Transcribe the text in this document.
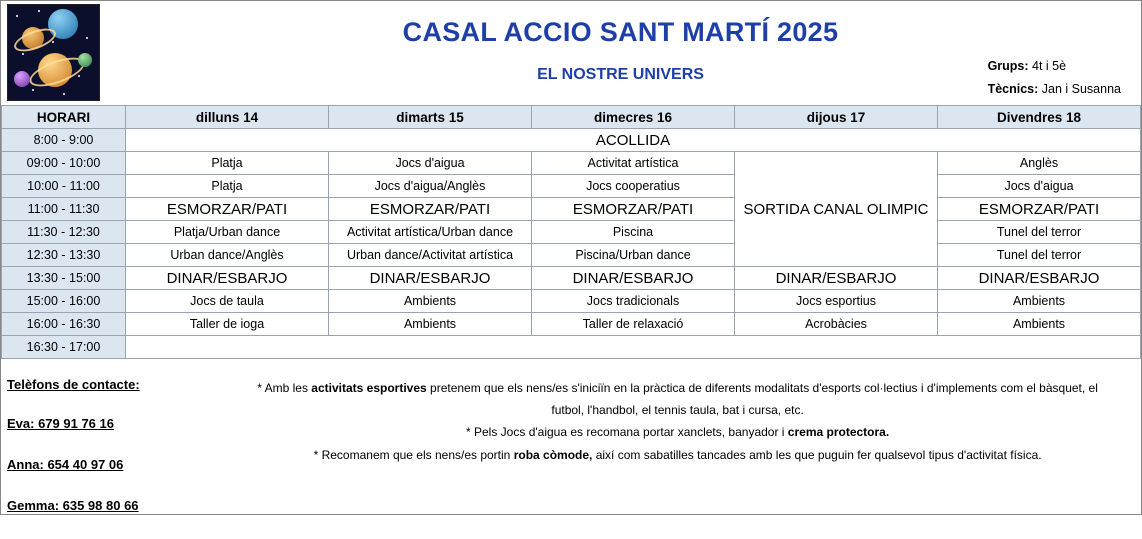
CASAL ACCIO SANT MARTÍ 2025
EL NOSTRE UNIVERS	Grups: 4t i 5è
Tècnics: Jan i Susanna
HORARI	dilluns 14	dimarts 15	dimecres 16	dijous 17	Divendres 18
8:00 - 9:00	ACOLLIDA				
09:00 - 10:00	Platja	Jocs d'aigua	Activitat artística	SORTIDA CANAL OLIMPIC	Anglès
10:00 - 11:00	Platja	Jocs d'aigua/Anglès	Jocs cooperatius		Jocs d'aigua
11:00 - 11:30	ESMORZAR/PATI	ESMORZAR/PATI	ESMORZAR/PATI		ESMORZAR/PATI
11:30 - 12:30	Platja/Urban dance	Activitat artística/Urban dance	Piscina		Tunel del terror
12:30 - 13:30	Urban dance/Anglès	Urban dance/Activitat artística	Piscina/Urban dance		Tunel del terror
13:30 - 15:00	DINAR/ESBARJO	DINAR/ESBARJO	DINAR/ESBARJO	DINAR/ESBARJO	DINAR/ESBARJO
15:00 - 16:00	Jocs de taula	Ambients	Jocs tradicionals	Jocs esportius	Ambients
16:00 - 16:30	Taller de ioga	Ambients	Taller de relaxació	Acrobàcies	Ambients
16:30 - 17:00					
Telèfons de contacte:
Eva: 679 91 76 16
Anna: 654 40 97 06
Gemma: 635 98 80 66
* Amb les activitats esportives pretenem que els nens/es s'iniciïn en la pràctica de diferents modalitats d'esports col·lectius i d'implements com el bàsquet, el futbol, l'handbol, el tennis taula, bat i cursa, etc.
* Pels Jocs d'aigua es recomana portar xanclets, banyador i crema protectora.
* Recomanem que els nens/es portin roba còmode, així com sabatilles tancades amb les que puguin fer qualsevol tipus d'activitat física.
